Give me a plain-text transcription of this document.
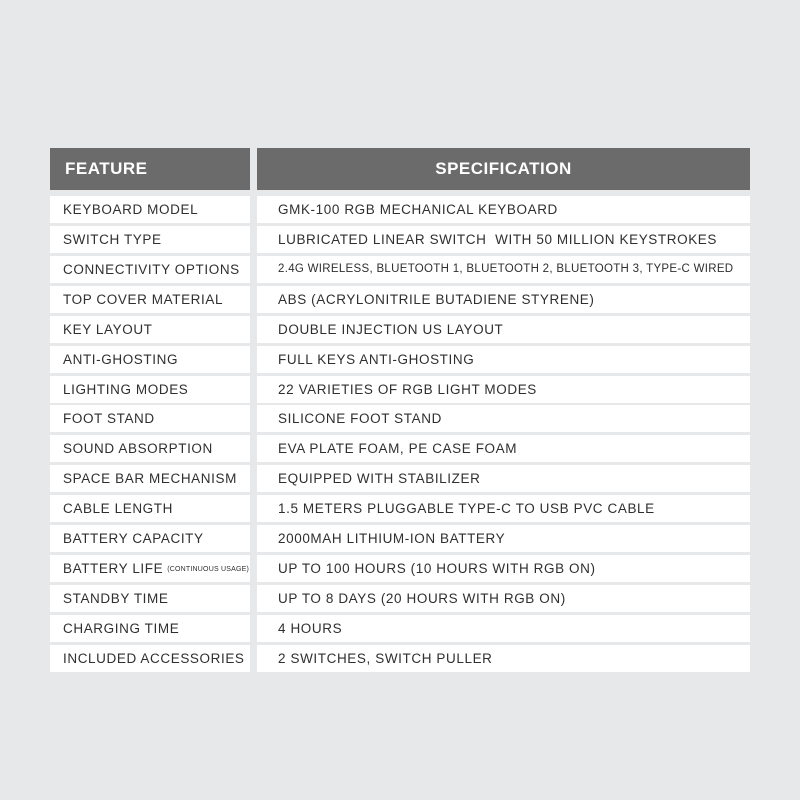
FEATURE	SPECIFICATION
KEYBOARD MODEL	GMK-100 RGB MECHANICAL KEYBOARD
SWITCH TYPE	LUBRICATED LINEAR SWITCH  WITH 50 MILLION KEYSTROKES
CONNECTIVITY OPTIONS	2.4G WIRELESS, BLUETOOTH 1, BLUETOOTH 2, BLUETOOTH 3, TYPE-C WIRED
TOP COVER MATERIAL	ABS (ACRYLONITRILE BUTADIENE STYRENE)
KEY LAYOUT	DOUBLE INJECTION US LAYOUT
ANTI-GHOSTING	FULL KEYS ANTI-GHOSTING
LIGHTING MODES	22 VARIETIES OF RGB LIGHT MODES
FOOT STAND	SILICONE FOOT STAND
SOUND ABSORPTION	EVA PLATE FOAM, PE CASE FOAM
SPACE BAR MECHANISM	EQUIPPED WITH STABILIZER
CABLE LENGTH	1.5 METERS PLUGGABLE TYPE-C TO USB PVC CABLE
BATTERY CAPACITY	2000MAH LITHIUM-ION BATTERY
BATTERY LIFE (CONTINUOUS USAGE)	UP TO 100 HOURS (10 HOURS WITH RGB ON)
STANDBY TIME	UP TO 8 DAYS (20 HOURS WITH RGB ON)
CHARGING TIME	4 HOURS
INCLUDED ACCESSORIES	2 SWITCHES, SWITCH PULLER
